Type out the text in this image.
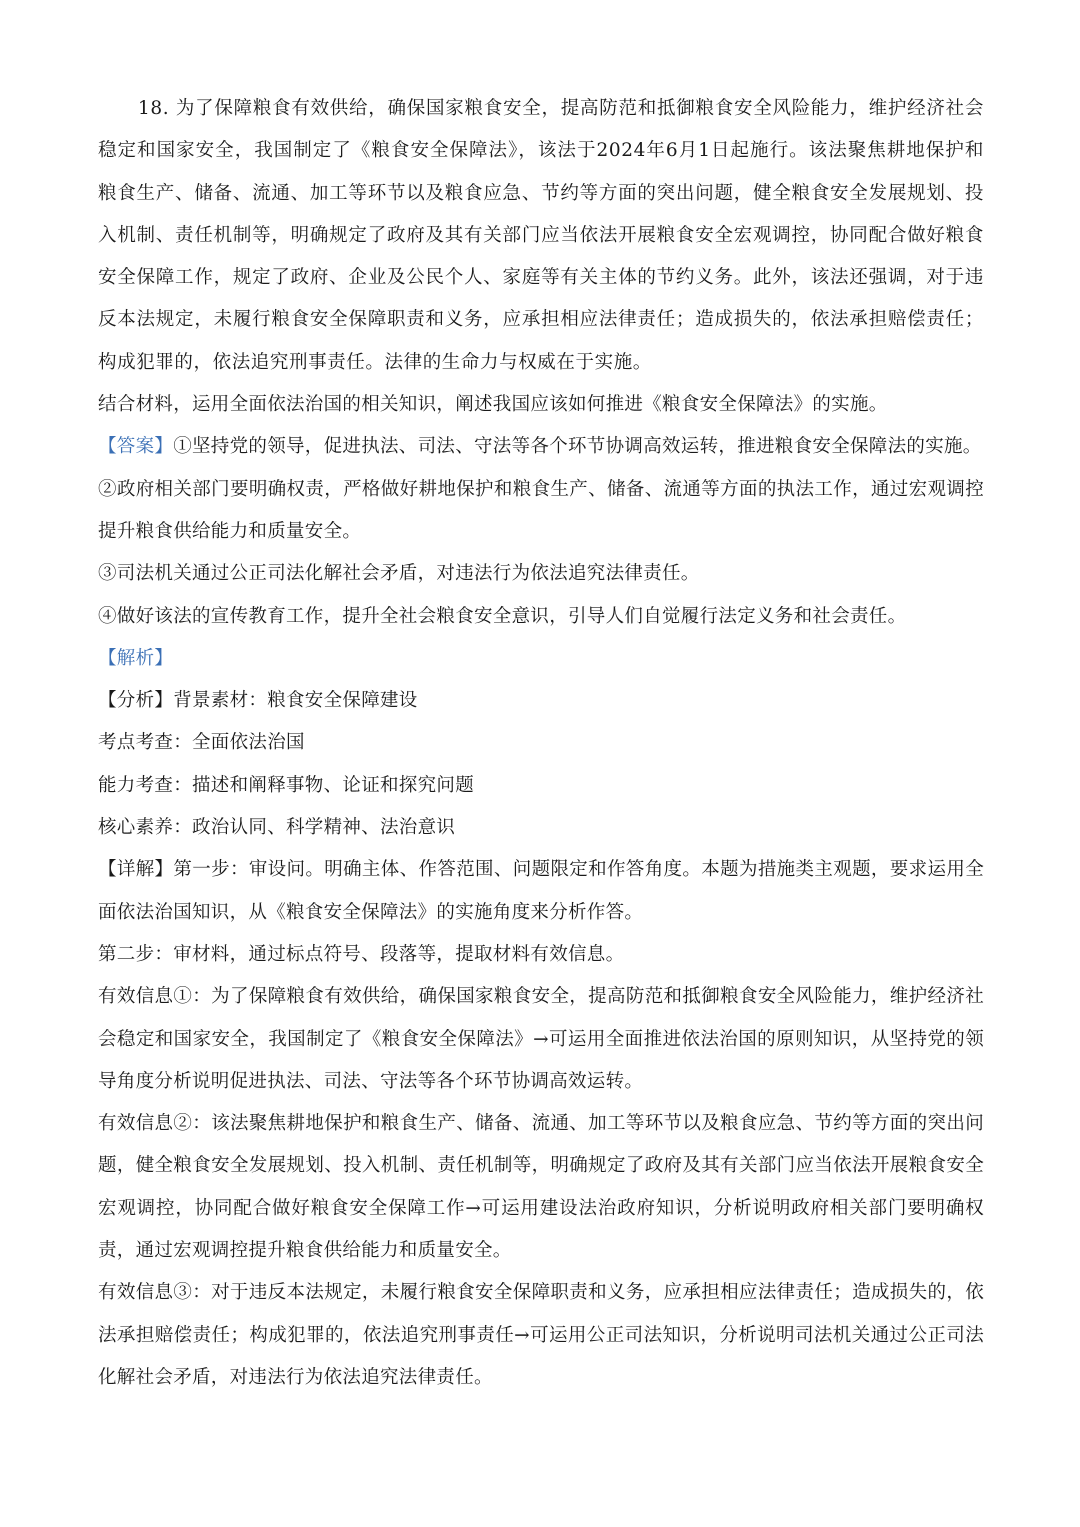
18. 为了保障粮食有效供给，确保国家粮食安全，提高防范和抵御粮食安全风险能力，维护经济社会稳定和国家安全，我国制定了《粮食安全保障法》，该法于2024年6月1日起施行。该法聚焦耕地保护和粮食生产、储备、流通、加工等环节以及粮食应急、节约等方面的突出问题，健全粮食安全发展规划、投入机制、责任机制等，明确规定了政府及其有关部门应当依法开展粮食安全宏观调控，协同配合做好粮食安全保障工作，规定了政府、企业及公民个人、家庭等有关主体的节约义务。此外，该法还强调，对于违反本法规定，未履行粮食安全保障职责和义务，应承担相应法律责任；造成损失的，依法承担赔偿责任；构成犯罪的，依法追究刑事责任。法律的生命力与权威在于实施。

结合材料，运用全面依法治国的相关知识，阐述我国应该如何推进《粮食安全保障法》的实施。

【答案】①坚持党的领导，促进执法、司法、守法等各个环节协调高效运转，推进粮食安全保障法的实施。

②政府相关部门要明确权责，严格做好耕地保护和粮食生产、储备、流通等方面的执法工作，通过宏观调控提升粮食供给能力和质量安全。

③司法机关通过公正司法化解社会矛盾，对违法行为依法追究法律责任。

④做好该法的宣传教育工作，提升全社会粮食安全意识，引导人们自觉履行法定义务和社会责任。

【解析】

【分析】背景素材：粮食安全保障建设

考点考查：全面依法治国

能力考查：描述和阐释事物、论证和探究问题

核心素养：政治认同、科学精神、法治意识

【详解】第一步：审设问。明确主体、作答范围、问题限定和作答角度。本题为措施类主观题，要求运用全面依法治国知识，从《粮食安全保障法》的实施角度来分析作答。

第二步：审材料，通过标点符号、段落等，提取材料有效信息。

有效信息①：为了保障粮食有效供给，确保国家粮食安全，提高防范和抵御粮食安全风险能力，维护经济社会稳定和国家安全，我国制定了《粮食安全保障法》→可运用全面推进依法治国的原则知识，从坚持党的领导角度分析说明促进执法、司法、守法等各个环节协调高效运转。

有效信息②：该法聚焦耕地保护和粮食生产、储备、流通、加工等环节以及粮食应急、节约等方面的突出问题，健全粮食安全发展规划、投入机制、责任机制等，明确规定了政府及其有关部门应当依法开展粮食安全宏观调控，协同配合做好粮食安全保障工作→可运用建设法治政府知识，分析说明政府相关部门要明确权责，通过宏观调控提升粮食供给能力和质量安全。

有效信息③：对于违反本法规定，未履行粮食安全保障职责和义务，应承担相应法律责任；造成损失的，依法承担赔偿责任；构成犯罪的，依法追究刑事责任→可运用公正司法知识，分析说明司法机关通过公正司法化解社会矛盾，对违法行为依法追究法律责任。
